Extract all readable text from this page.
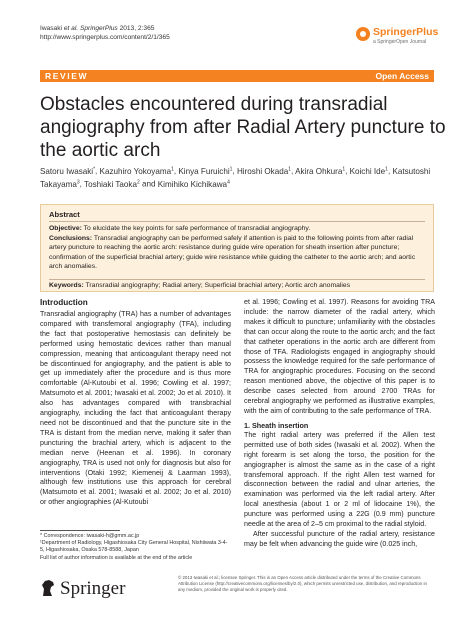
Iwasaki et al. SpringerPlus 2013, 2:365
http://www.springerplus.com/content/2/1/365	SpringerPlus
a SpringerOpen Journal
REVIEW	Open Access
Obstacles encountered during transradial angiography from after Radial Artery puncture to the aortic arch
Satoru Iwasaki*, Kazuhiro Yokoyama$^1$, Kinya Furuichi$^1$, Hiroshi Okada$^1$, Akira Ohkura$^1$, Koichi Ide$^1$, Katsutoshi Takayama$^3$, Toshiaki Taoka$^2$ and Kimihiko Kichikawa$^4$
Abstract
Objective: To elucidate the key points for safe performance of transradial angiography.
Conclusions: Transradial angiography can be performed safely if attention is paid to the following points from after radial artery puncture to reaching the aortic arch: resistance during guide wire operation for sheath insertion after puncture; confirmation of the superficial brachial artery; guide wire resistance while guiding the catheter to the aortic arch; and aortic arch anomalies.
Keywords: Transradial angiography; Radial artery; Superficial brachial artery; Aortic arch anomalies
Introduction

Transradial angiography (TRA) has a number of advantages compared with transfemoral angiography (TFA), including the fact that postoperative hemostasis can definitely be performed using hemostatic devices rather than manual compression, meaning that anticoagulant therapy need not be discontinued for angiography, and the patient is able to get up immediately after the procedure and is thus more comfortable (Al-Kutoubi et al. 1996; Cowling et al. 1997; Matsumoto et al. 2001; Iwasaki et al. 2002; Jo et al. 2010). It also has advantages compared with transbrachial angiography, including the fact that anticoagulant therapy need not be discontinued and that the puncture site in the TRA is distant from the median nerve, making it safer than puncturing the brachial artery, which is adjacent to the median nerve (Heenan et al. 1996). In coronary angiography, TRA is used not only for diagnosis but also for interventions (Otaki 1992; Kiemeneij & Laarman 1993), although few institutions use this approach for cerebral (Matsumoto et al. 2001; Iwasaki et al. 2002; Jo et al. 2010) or other angiographies (Al-Kutoubi

et al. 1996; Cowling et al. 1997). Reasons for avoiding TRA include: the narrow diameter of the radial artery, which makes it difficult to puncture; unfamiliarity with the obstacles that can occur along the route to the aortic arch; and the fact that catheter operations in the aortic arch are different from those of TFA. Radiologists engaged in angiography should possess the knowledge required for the safe performance of TRA for angiographic procedures. Focusing on the second reason mentioned above, the objective of this paper is to describe cases selected from around 2700 TRAs for cerebral angiography we performed as illustrative examples, with the aim of contributing to the safe performance of TRA.

1. Sheath insertion

The right radial artery was preferred if the Allen test permitted use of both sides (Iwasaki et al. 2002). When the right forearm is set along the torso, the position for the angiographer is almost the same as in the case of a right transfemoral approach. If the right Allen test warned for disconnection between the radial and ulnar arteries, the examination was performed via the left radial artery. After local anesthesia (about 1 or 2 ml of lidocaine 1%), the puncture was performed using a 22G (0.9 mm) puncture needle at the area of 2–5 cm proximal to the radial styloid.

After successful puncture of the radial artery, resistance may be felt when advancing the guide wire (0.025 inch,

* Correspondence: iwasaki-h@gmm.ac.jp

¹Department of Radiology, Higashiosaka City General Hospital, Nishiiwata 3-4-5, Higashiosaka, Osaka 578-8588, Japan

Full list of author information is available at the end of the article

Springer

© 2013 Iwasaki et al.; licensee Springer. This is an Open Access article distributed under the terms of the Creative Commons Attribution License (http://creativecommons.org/licenses/by/2.0), which permits unrestricted use, distribution, and reproduction in any medium, provided the original work is properly cited.
